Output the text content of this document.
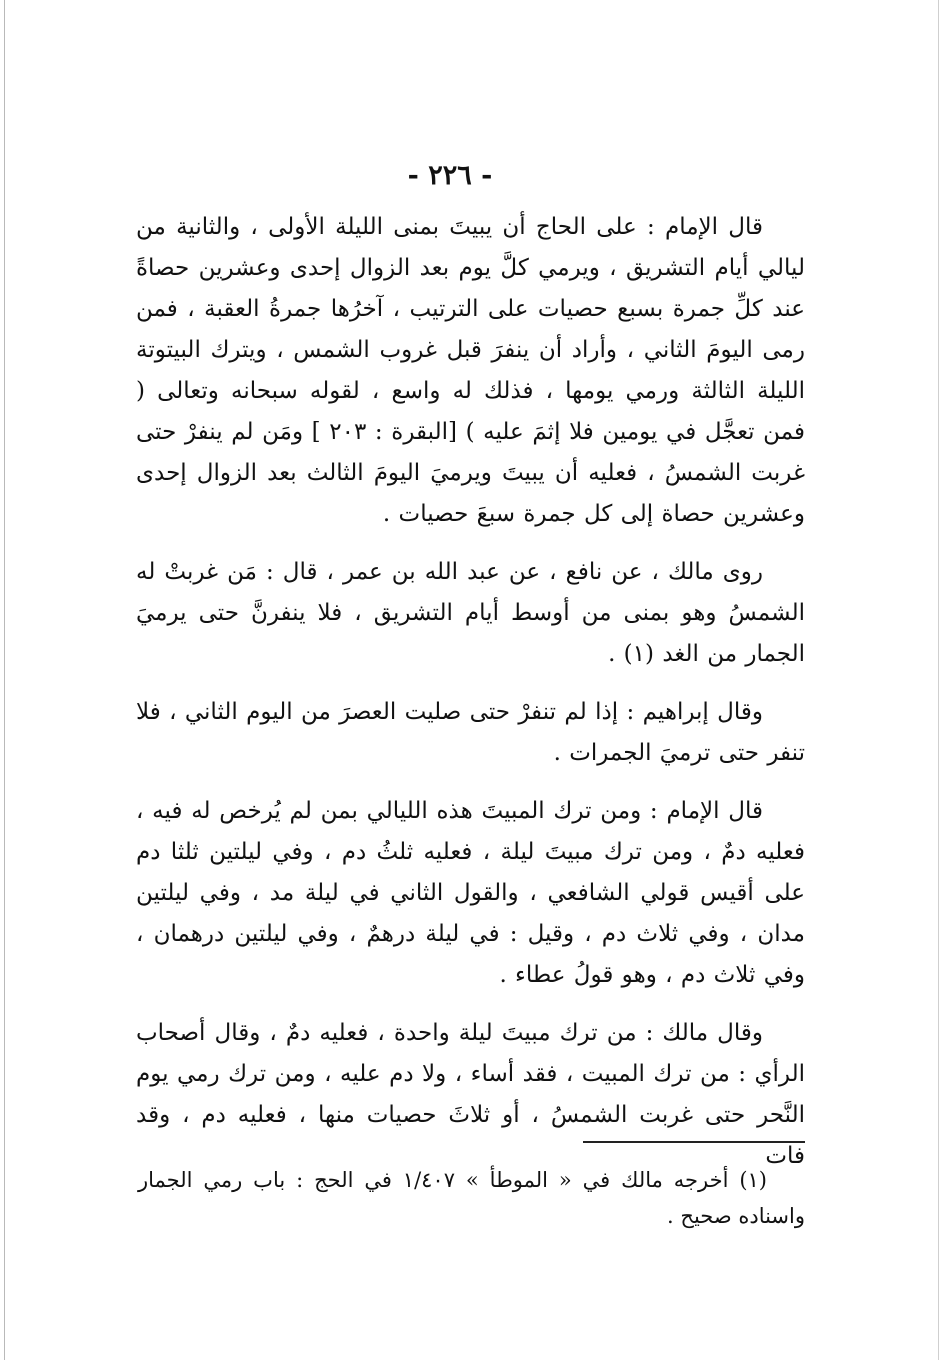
- ٢٢٦ -

قال الإمام : على الحاج أن يبيتَ بمنى الليلة الأولى ، والثانية من ليالي أيام التشريق ، ويرمي كلَّ يوم بعد الزوال إحدى وعشرين حصاةً عند كلِّ جمرة بسبع حصيات على الترتيب ، آخرُها جمرةُ العقبة ، فمن رمى اليومَ الثاني ، وأراد أن ينفرَ قبل غروب الشمس ، ويترك البيتوتة الليلة الثالثة ورمي يومها ، فذلك له واسع ، لقوله سبحانه وتعالى ( فمن تعجَّل في يومين فلا إثمَ عليه ) [البقرة : ٢٠٣ ] ومَن لم ينفرْ حتى غربت الشمسُ ، فعليه أن يبيتَ ويرميَ اليومَ الثالث بعد الزوال إحدى وعشرين حصاة إلى كل جمرة سبعَ حصيات .

روى مالك ، عن نافع ، عن عبد الله بن عمر ، قال : مَن غربتْ له الشمسُ وهو بمنى من أوسط أيام التشريق ، فلا ينفرنَّ حتى يرميَ الجمار من الغد (١) .

وقال إبراهيم : إذا لم تنفرْ حتى صليت العصرَ من اليوم الثاني ، فلا تنفر حتى ترميَ الجمرات .

قال الإمام : ومن ترك المبيتَ هذه الليالي بمن لم يُرخص له فيه ، فعليه دمٌ ، ومن ترك مبيتَ ليلة ، فعليه ثلثُ دم ، وفي ليلتين ثلثا دم على أقيس قولي الشافعي ، والقول الثاني في ليلة مد ، وفي ليلتين مدان ، وفي ثلاث دم ، وقيل : في ليلة درهمٌ ، وفي ليلتين درهمان ، وفي ثلاث دم ، وهو قولُ عطاء .

وقال مالك : من ترك مبيتَ ليلة واحدة ، فعليه دمٌ ، وقال أصحاب الرأي : من ترك المبيت ، فقد أساء ، ولا دم عليه ، ومن ترك رمي يوم النَّحر حتى غربت الشمسُ ، أو ثلاثَ حصيات منها ، فعليه دم ، وقد فات

(١) أخرجه مالك في « الموطأ » ١/٤٠٧ في الحج : باب رمي الجمار واسناده صحيح .
